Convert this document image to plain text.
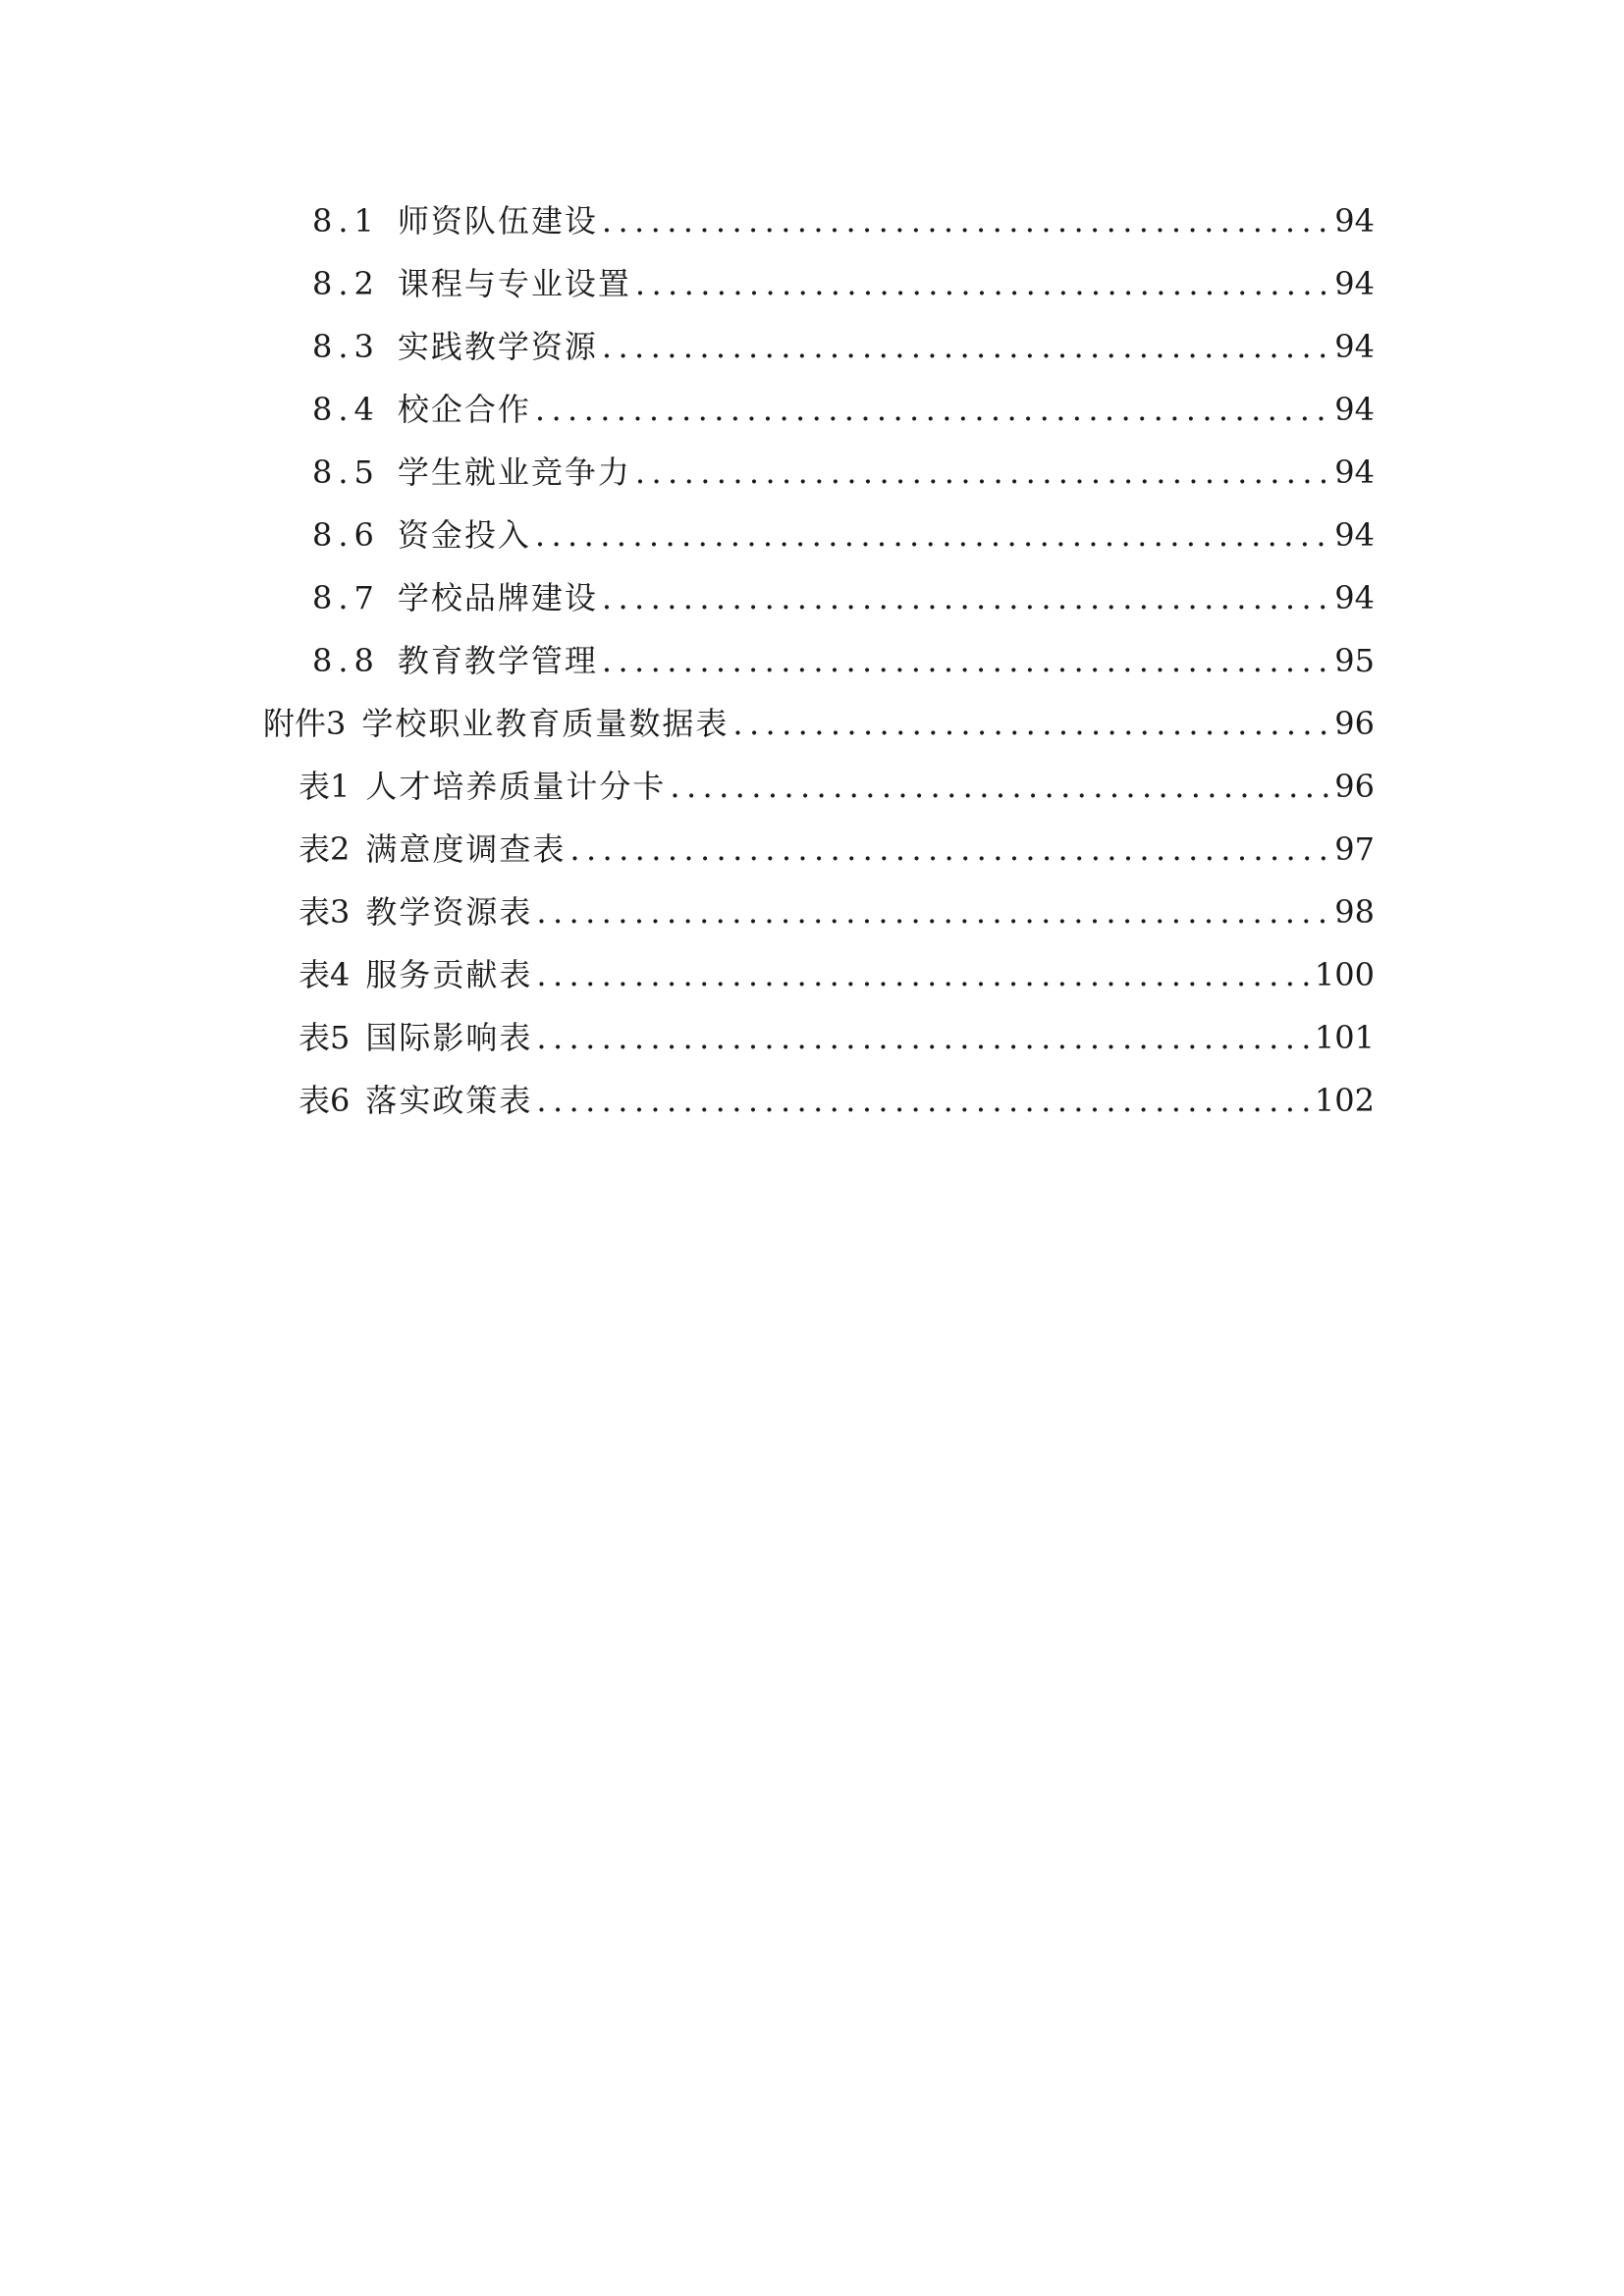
8.1 师资队伍建设 .....	94
8.2 课程与专业设置 .....	94
8.3 实践教学资源 .....	94
8.4 校企合作 .....	94
8.5 学生就业竞争力 .....	94
8.6 资金投入 .....	94
8.7 学校品牌建设 .....	94
8.8 教育教学管理 .....	95
附件3 学校职业教育质量数据表 .....	96
表1 人才培养质量计分卡 .....	96
表2 满意度调查表 .....	97
表3 教学资源表 .....	98
表4 服务贡献表 .....	100
表5 国际影响表 .....	101
表6 落实政策表 .....	102
